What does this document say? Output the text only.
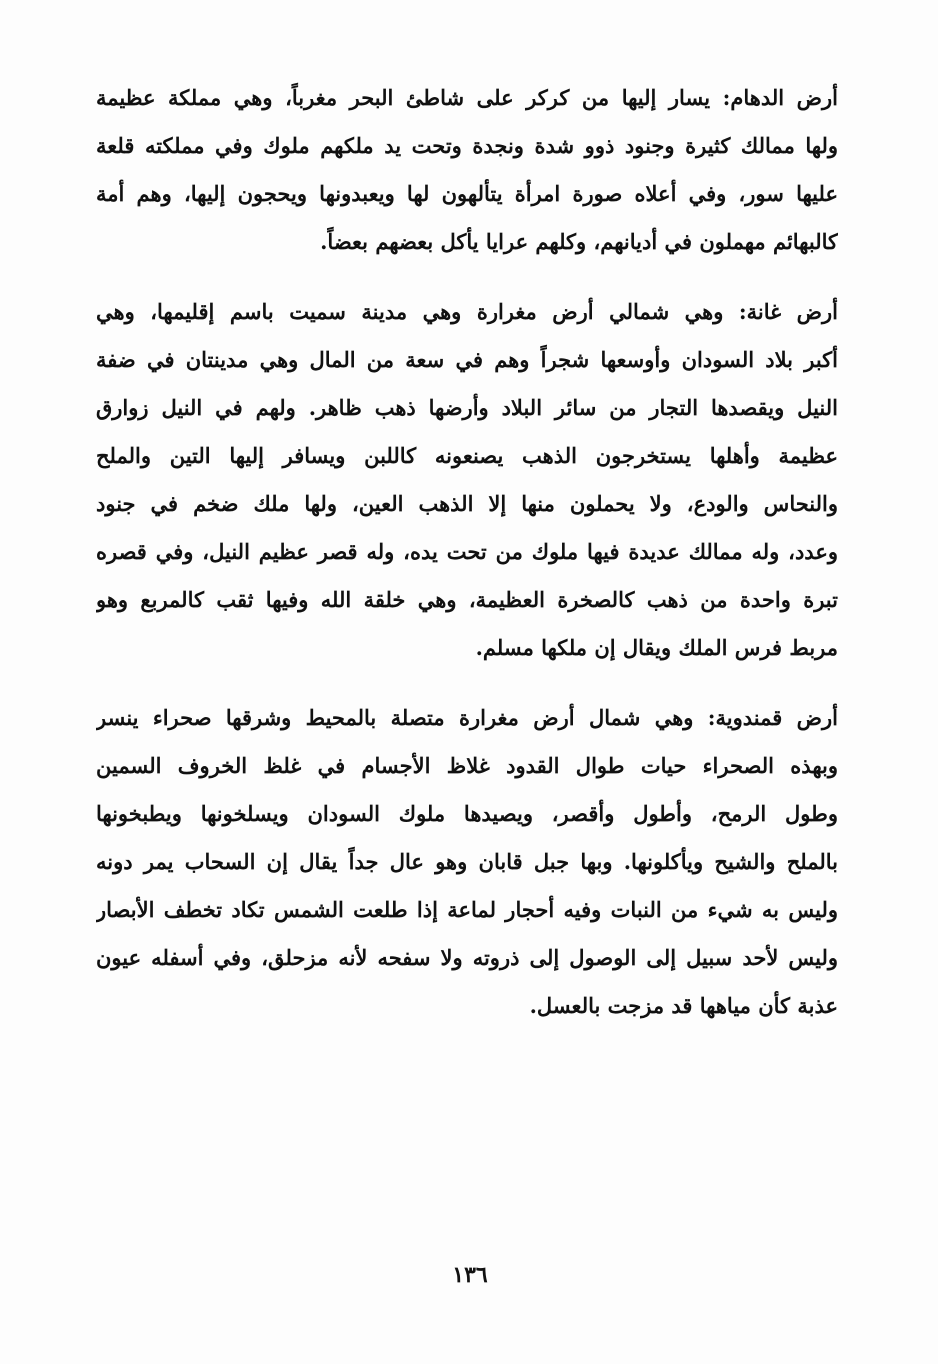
أرض الدهام: يسار إليها من كركر على شاطئ البحر مغرباً، وهي مملكة عظيمة
ولها ممالك كثيرة وجنود ذوو شدة ونجدة وتحت يد ملكهم ملوك وفي مملكته قلعة
عليها سور، وفي أعلاه صورة امرأة يتألهون لها ويعبدونها ويحجون إليها، وهم أمة
كالبهائم مهملون في أديانهم، وكلهم عرايا يأكل بعضهم بعضاً.
أرض غانة: وهي شمالي أرض مغرارة وهي مدينة سميت باسم إقليمها، وهي
أكبر بلاد السودان وأوسعها شجراً وهم في سعة من المال وهي مدينتان في ضفة
النيل ويقصدها التجار من سائر البلاد وأرضها ذهب ظاهر. ولهم في النيل زوارق
عظيمة وأهلها يستخرجون الذهب يصنعونه كاللبن ويسافر إليها التين والملح
والنحاس والودع، ولا يحملون منها إلا الذهب العين، ولها ملك ضخم في جنود
وعدد، وله ممالك عديدة فيها ملوك من تحت يده، وله قصر عظيم النيل، وفي قصره
تبرة واحدة من ذهب كالصخرة العظيمة، وهي خلقة الله وفيها ثقب كالمربع وهو
مربط فرس الملك ويقال إن ملكها مسلم.
أرض قمندوية: وهي شمال أرض مغرارة متصلة بالمحيط وشرقها صحراء ينسر
وبهذه الصحراء حيات طوال القدود غلاظ الأجسام في غلظ الخروف السمين
وطول الرمح، وأطول وأقصر، ويصيدها ملوك السودان ويسلخونها ويطبخونها
بالملح والشيح ويأكلونها. وبها جبل قابان وهو عال جداً يقال إن السحاب يمر دونه
وليس به شيء من النبات وفيه أحجار لماعة إذا طلعت الشمس تكاد تخطف الأبصار
وليس لأحد سبيل إلى الوصول إلى ذروته ولا سفحه لأنه مزحلق، وفي أسفله عيون
عذبة كأن مياهها قد مزجت بالعسل.
١٣٦
